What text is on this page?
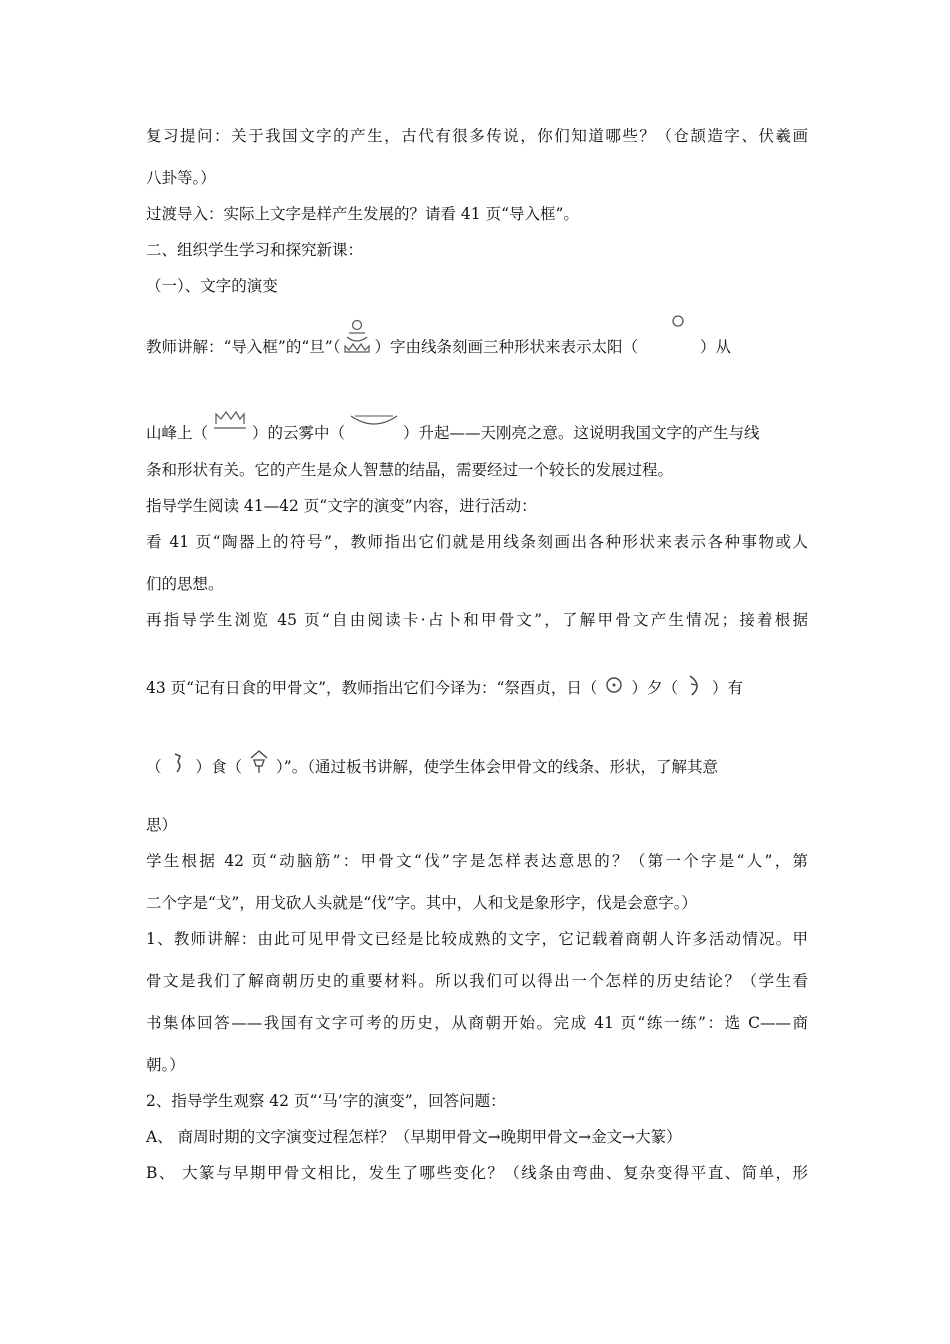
复习提问：关于我国文字的产生，古代有很多传说，你们知道哪些？（仓颉造字、伏羲画
八卦等。）
过渡导入：实际上文字是样产生发展的？请看 41 页“导入框”。
二、组织学生学习和探究新课：
（一）、文字的演变
教师讲解：“导入框”的“旦”（ ）字由线条刻画三种形状来表示太阳（	）从
山峰上（	）的云雾中（	）升起——天刚亮之意。这说明我国文字的产生与线
条和形状有关。它的产生是众人智慧的结晶，需要经过一个较长的发展过程。
指导学生阅读 41—42 页“文字的演变”内容，进行活动：
看 41 页“陶器上的符号”，教师指出它们就是用线条刻画出各种形状来表示各种事物或人
们的思想。
再指导学生浏览 45 页“自由阅读卡·占卜和甲骨文”，了解甲骨文产生情况；接着根据
43 页“记有日食的甲骨文”，教师指出它们今译为：“祭酉贞，日（ ）夕（ ）有
（ ）食（ ）”。（通过板书讲解，使学生体会甲骨文的线条、形状，了解其意
思）
学生根据 42 页“动脑筋”：甲骨文“伐”字是怎样表达意思的？（第一个字是“人”，第
二个字是“戈”，用戈砍人头就是“伐”字。其中，人和戈是象形字，伐是会意字。）
1、教师讲解：由此可见甲骨文已经是比较成熟的文字，它记载着商朝人许多活动情况。甲
骨文是我们了解商朝历史的重要材料。所以我们可以得出一个怎样的历史结论？（学生看
书集体回答——我国有文字可考的历史，从商朝开始。完成 41 页“练一练”：选 C——商
朝。）
2、指导学生观察 42 页“‘马’字的演变”，回答问题：
A、 商周时期的文字演变过程怎样？（早期甲骨文→晚期甲骨文→金文→大篆）
B、 大篆与早期甲骨文相比，发生了哪些变化？（线条由弯曲、复杂变得平直、简单，形
